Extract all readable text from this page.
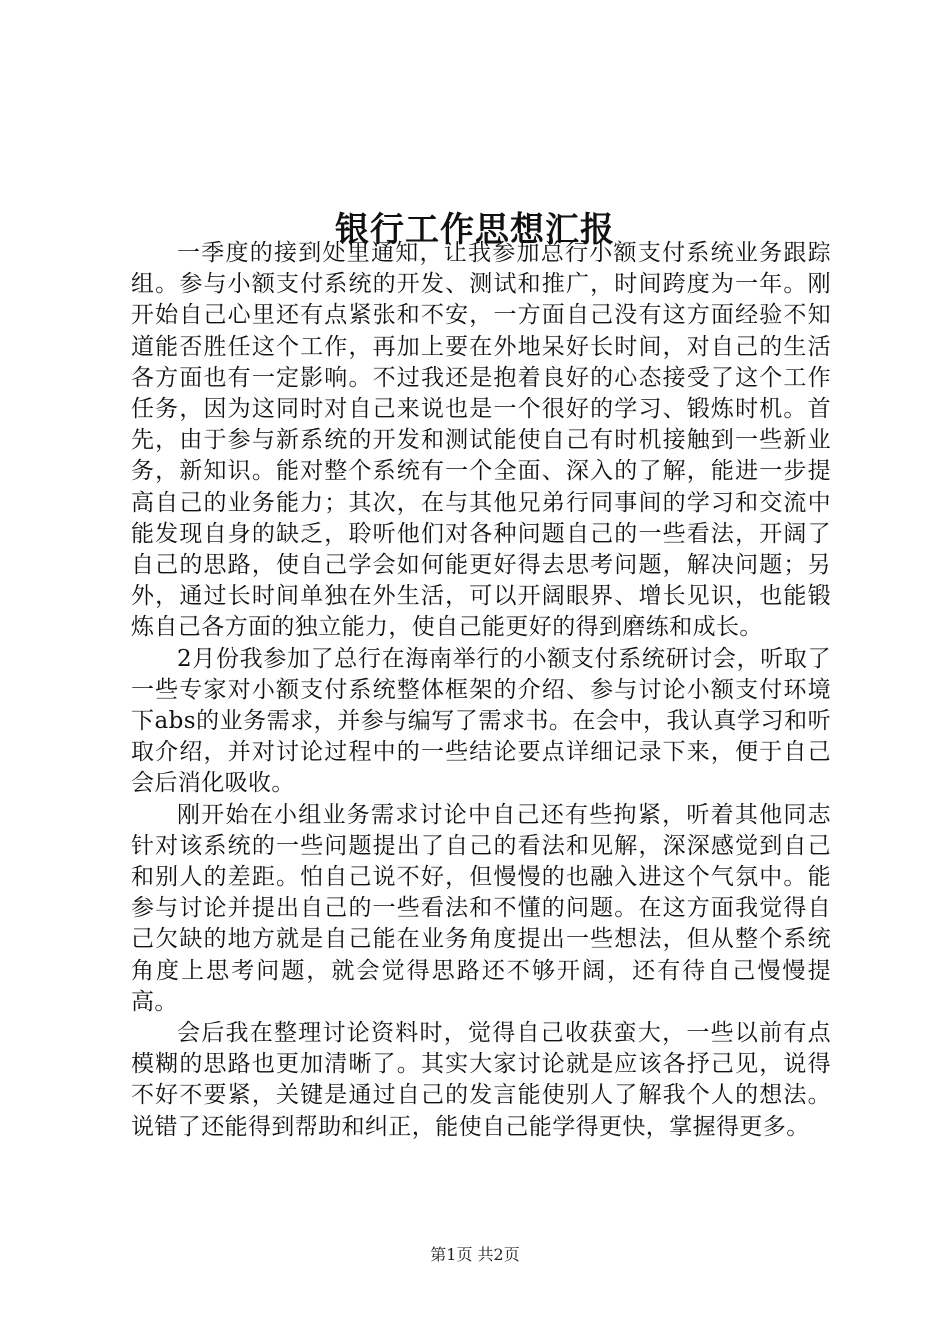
银行工作思想汇报

一季度的接到处里通知，让我参加总行小额支付系统业务跟踪组。参与小额支付系统的开发、测试和推广，时间跨度为一年。刚开始自己心里还有点紧张和不安，一方面自己没有这方面经验不知道能否胜任这个工作，再加上要在外地呆好长时间，对自己的生活各方面也有一定影响。不过我还是抱着良好的心态接受了这个工作任务，因为这同时对自己来说也是一个很好的学习、锻炼时机。首先，由于参与新系统的开发和测试能使自己有时机接触到一些新业务，新知识。能对整个系统有一个全面、深入的了解，能进一步提高自己的业务能力；其次，在与其他兄弟行同事间的学习和交流中能发现自身的缺乏，聆听他们对各种问题自己的一些看法，开阔了自己的思路，使自己学会如何能更好得去思考问题，解决问题；另外，通过长时间单独在外生活，可以开阔眼界、增长见识，也能锻炼自己各方面的独立能力，使自己能更好的得到磨练和成长。

2月份我参加了总行在海南举行的小额支付系统研讨会，听取了一些专家对小额支付系统整体框架的介绍、参与讨论小额支付环境下abs的业务需求，并参与编写了需求书。在会中，我认真学习和听取介绍，并对讨论过程中的一些结论要点详细记录下来，便于自己会后消化吸收。

刚开始在小组业务需求讨论中自己还有些拘紧，听着其他同志针对该系统的一些问题提出了自己的看法和见解，深深感觉到自己和别人的差距。怕自己说不好，但慢慢的也融入进这个气氛中。能参与讨论并提出自己的一些看法和不懂的问题。在这方面我觉得自己欠缺的地方就是自己能在业务角度提出一些想法，但从整个系统角度上思考问题，就会觉得思路还不够开阔，还有待自己慢慢提高。

会后我在整理讨论资料时，觉得自己收获蛮大，一些以前有点模糊的思路也更加清晰了。其实大家讨论就是应该各抒己见，说得不好不要紧，关键是通过自己的发言能使别人了解我个人的想法。说错了还能得到帮助和纠正，能使自己能学得更快，掌握得更多。

第1页 共2页
